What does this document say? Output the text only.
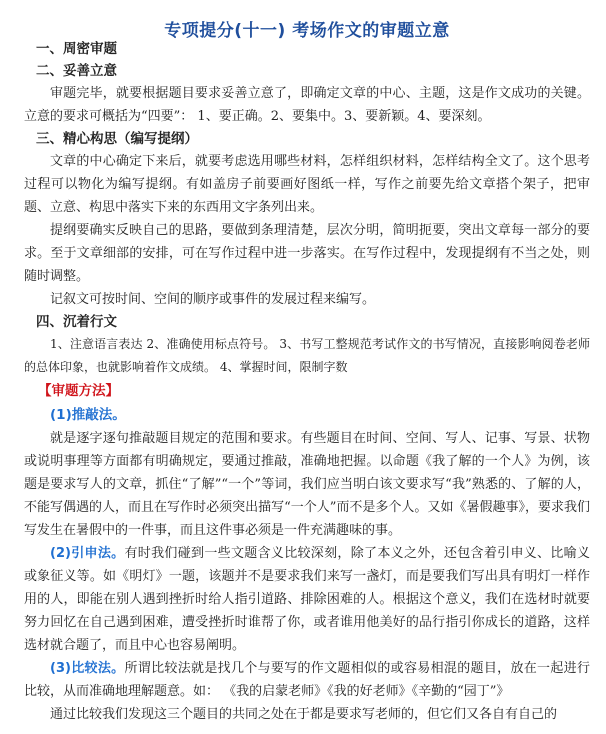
专项提分(十一) 考场作文的审题立意

一、周密审题

二、妥善立意

审题完毕，就要根据题目要求妥善立意了，即确定文章的中心、主题，这是作文成功的关键。立意的要求可概括为“四要”： 1、要正确。2、要集中。3、要新颖。4、要深刻。

三、精心构思（编写提纲）

文章的中心确定下来后，就要考虑选用哪些材料，怎样组织材料，怎样结构全文了。这个思考过程可以物化为编写提纲。有如盖房子前要画好图纸一样，写作之前要先给文章搭个架子，把审题、立意、构思中落实下来的东西用文字条列出来。

提纲要确实反映自己的思路，要做到条理清楚，层次分明，简明扼要，突出文章每一部分的要求。至于文章细部的安排，可在写作过程中进一步落实。在写作过程中，发现提纲有不当之处，则随时调整。

记叙文可按时间、空间的顺序或事件的发展过程来编写。

四、沉着行文

1、注意语言表达 2、准确使用标点符号。 3、书写工整规范考试作文的书写情况，直接影响阅卷老师的总体印象，也就影响着作文成绩。 4、掌握时间，限制字数

【审题方法】

(1)推敲法。

就是逐字逐句推敲题目规定的范围和要求。有些题目在时间、空间、写人、记事、写景、状物或说明事理等方面都有明确规定，要通过推敲，准确地把握。以命题《我了解的一个人》为例，该题是要求写人的文章，抓住“了解”“一个”等词，我们应当明白该文要求写“我”熟悉的、了解的人，不能写偶遇的人，而且在写作时必须突出描写“一个人”而不是多个人。又如《暑假趣事》，要求我们写发生在暑假中的一件事，而且这件事必须是一件充满趣味的事。

(2)引申法。有时我们碰到一些文题含义比较深刻，除了本义之外，还包含着引申义、比喻义或象征义等。如《明灯》一题，该题并不是要求我们来写一盏灯，而是要我们写出具有明灯一样作用的人，即能在别人遇到挫折时给人指引道路、排除困难的人。根据这个意义，我们在选材时就要努力回忆在自己遇到困难，遭受挫折时谁帮了你，或者谁用他美好的品行指引你成长的道路，这样选材就合题了，而且中心也容易阐明。

(3)比较法。所谓比较法就是找几个与要写的作文题相似的或容易相混的题目，放在一起进行比较，从而准确地理解题意。如： 《我的启蒙老师》《我的好老师》《辛勤的“园丁”》

通过比较我们发现这三个题目的共同之处在于都是要求写老师的，但它们又各自有自己的
